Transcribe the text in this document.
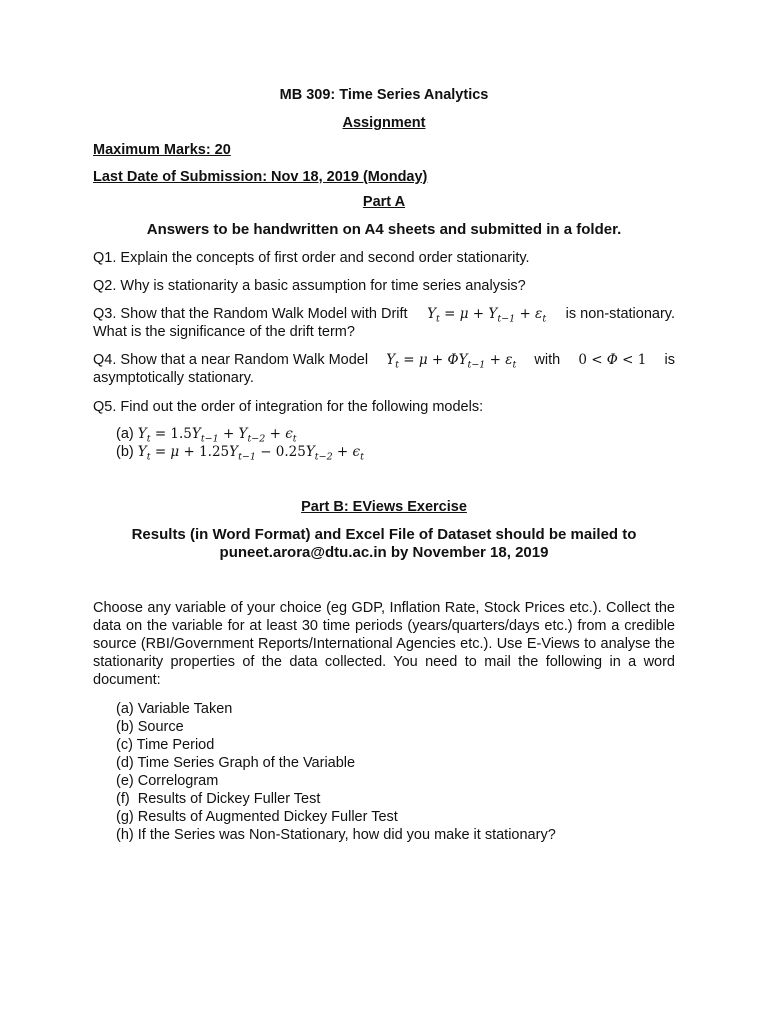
MB 309: Time Series Analytics
Assignment
Maximum Marks: 20
Last Date of Submission: Nov 18, 2019 (Monday)
Part A
Answers to be handwritten on A4 sheets and submitted in a folder.
Q1. Explain the concepts of first order and second order stationarity.
Q2. Why is stationarity a basic assumption for time series analysis?
Q3. Show that the Random Walk Model with Drift $Y_t = \mu + Y_{t-1} + \varepsilon_t$ is non-stationary.
What is the significance of the drift term?
Q4. Show that a near Random Walk Model $Y_t = \mu + \Phi Y_{t-1} + \varepsilon_t$ with 0 < Φ < 1 is
asymptotically stationary.
Q5. Find out the order of integration for the following models:
(a) $Y_t = 1.5Y_{t-1} + Y_{t-2} + \epsilon_t$
(b) $Y_t = \mu + 1.25Y_{t-1} - 0.25Y_{t-2} + \epsilon_t$
Part B: EViews Exercise
Results (in Word Format) and Excel File of Dataset should be mailed to
puneet.arora@dtu.ac.in by November 18, 2019
Choose any variable of your choice (eg GDP, Inflation Rate, Stock Prices etc.). Collect the data on the variable for at least 30 time periods (years/quarters/days etc.) from a credible source (RBI/Government Reports/International Agencies etc.). Use E-Views to analyse the stationarity properties of the data collected. You need to mail the following in a word document:
(a) Variable Taken
(b) Source
(c) Time Period
(d) Time Series Graph of the Variable
(e) Correlogram
(f)  Results of Dickey Fuller Test
(g) Results of Augmented Dickey Fuller Test
(h) If the Series was Non-Stationary, how did you make it stationary?
